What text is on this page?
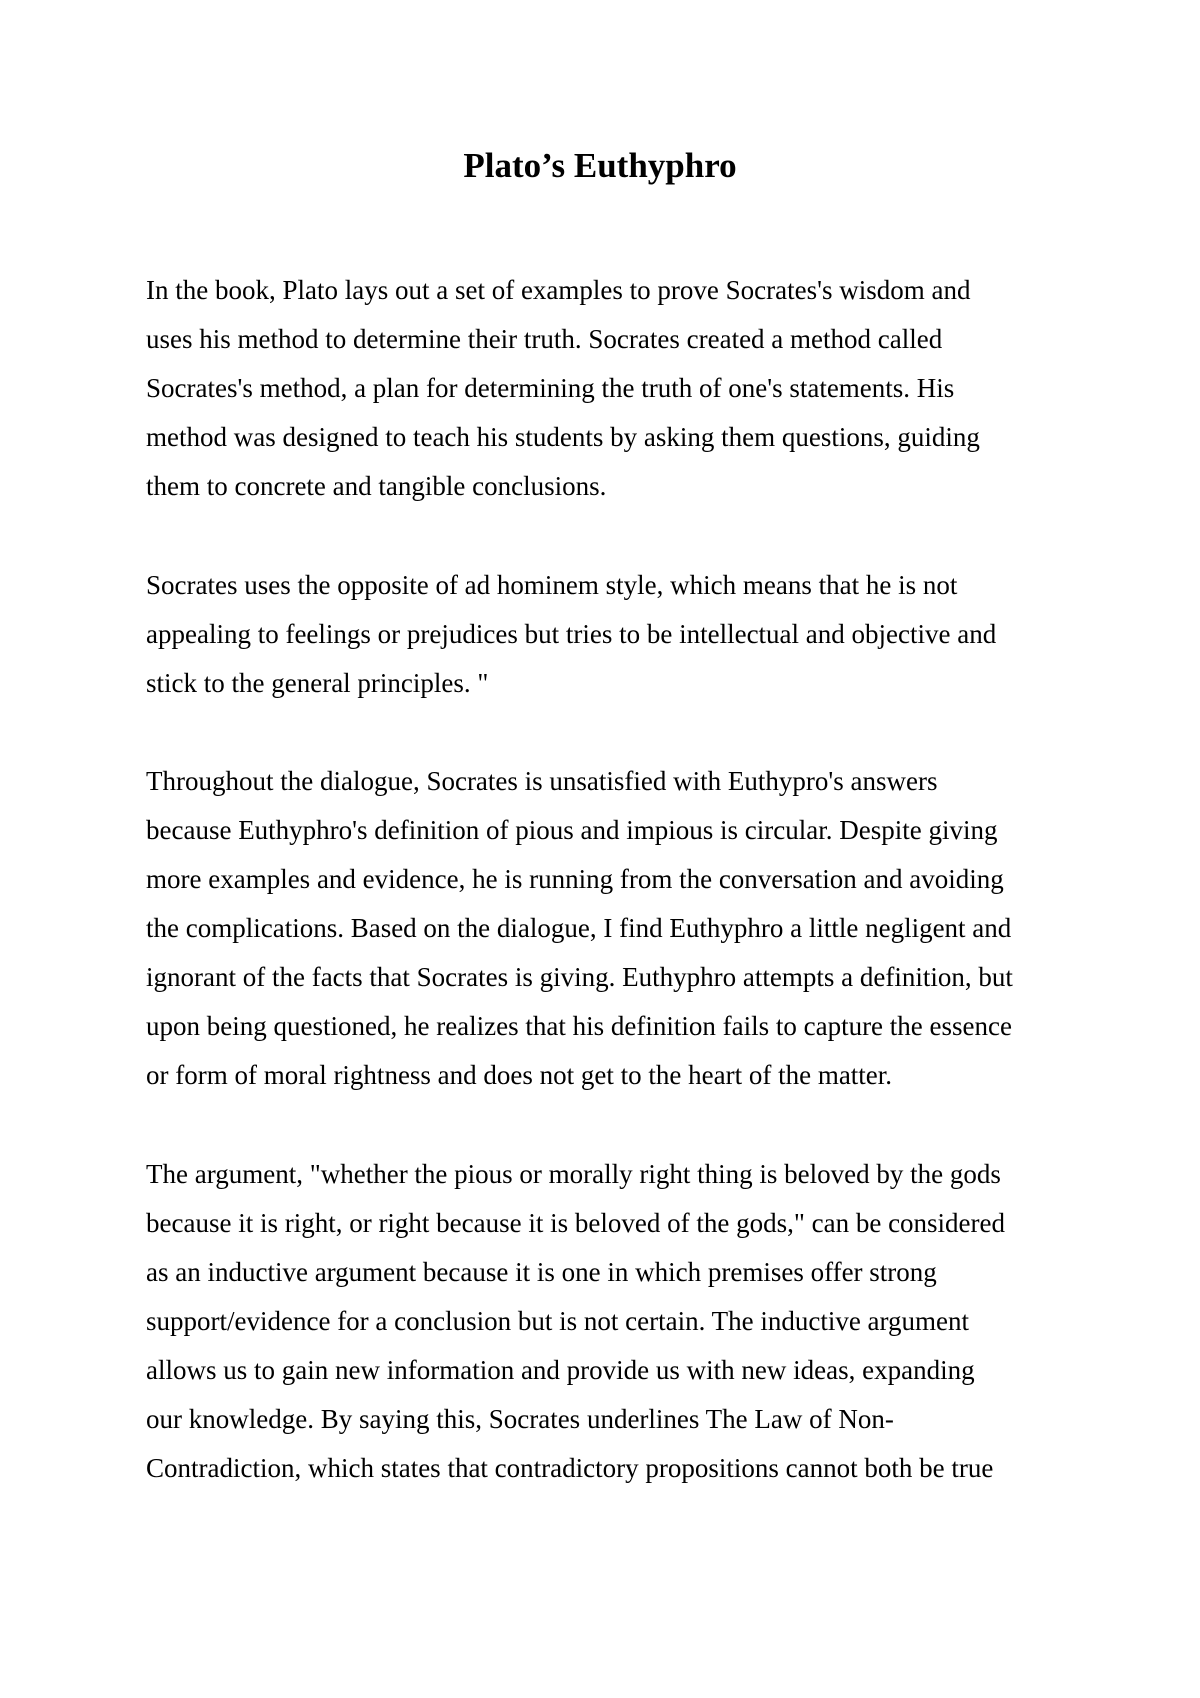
Plato’s Euthyphro

In the book, Plato lays out a set of examples to prove Socrates's wisdom and
uses his method to determine their truth. Socrates created a method called
Socrates's method, a plan for determining the truth of one's statements. His
method was designed to teach his students by asking them questions, guiding
them to concrete and tangible conclusions.

Socrates uses the opposite of ad hominem style, which means that he is not
appealing to feelings or prejudices but tries to be intellectual and objective and
stick to the general principles. "

Throughout the dialogue, Socrates is unsatisfied with Euthypro's answers
because Euthyphro's definition of pious and impious is circular. Despite giving
more examples and evidence, he is running from the conversation and avoiding
the complications. Based on the dialogue, I find Euthyphro a little negligent and
ignorant of the facts that Socrates is giving. Euthyphro attempts a definition, but
upon being questioned, he realizes that his definition fails to capture the essence
or form of moral rightness and does not get to the heart of the matter.

The argument, "whether the pious or morally right thing is beloved by the gods
because it is right, or right because it is beloved of the gods," can be considered
as an inductive argument because it is one in which premises offer strong
support/evidence for a conclusion but is not certain. The inductive argument
allows us to gain new information and provide us with new ideas, expanding
our knowledge. By saying this, Socrates underlines The Law of Non-
Contradiction, which states that contradictory propositions cannot both be true
